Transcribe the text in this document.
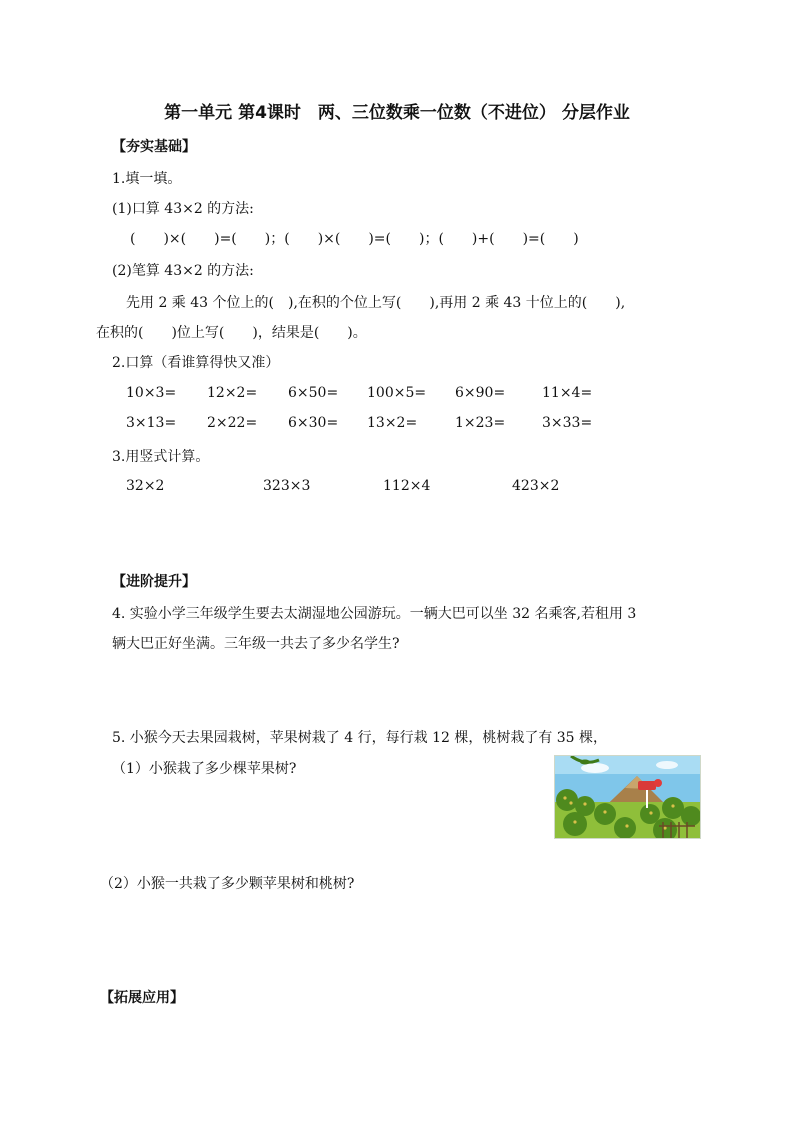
第一单元 第4课时　两、三位数乘一位数（不进位） 分层作业
【夯实基础】
1.填一填。
(1)口算 43×2 的方法:
(　　)×(　　)=(　　)；(　　)×(　　)=(　　)；(　　)+(　　)=(　　)
(2)笔算 43×2 的方法:
先用 2 乘 43 个位上的(　),在积的个位上写(　　),再用 2 乘 43 十位上的(　　),
在积的(　　)位上写(　　)，结果是(　　)。
2.口算（看谁算得快又准）
10×3= 12×2= 6×50= 100×5= 6×90=	11×4=
3×13= 2×22= 6×30= 13×2=	1×23=	3×33=
3.用竖式计算。
32×2	323×3	112×4	423×2
【进阶提升】
4. 实验小学三年级学生要去太湖湿地公园游玩。一辆大巴可以坐 32 名乘客,若租用 3
辆大巴正好坐满。三年级一共去了多少名学生?
5. 小猴今天去果园栽树，苹果树栽了 4 行，每行栽 12 棵，桃树栽了有 35 棵，
（1）小猴栽了多少棵苹果树?
（2）小猴一共栽了多少颗苹果树和桃树?
【拓展应用】
